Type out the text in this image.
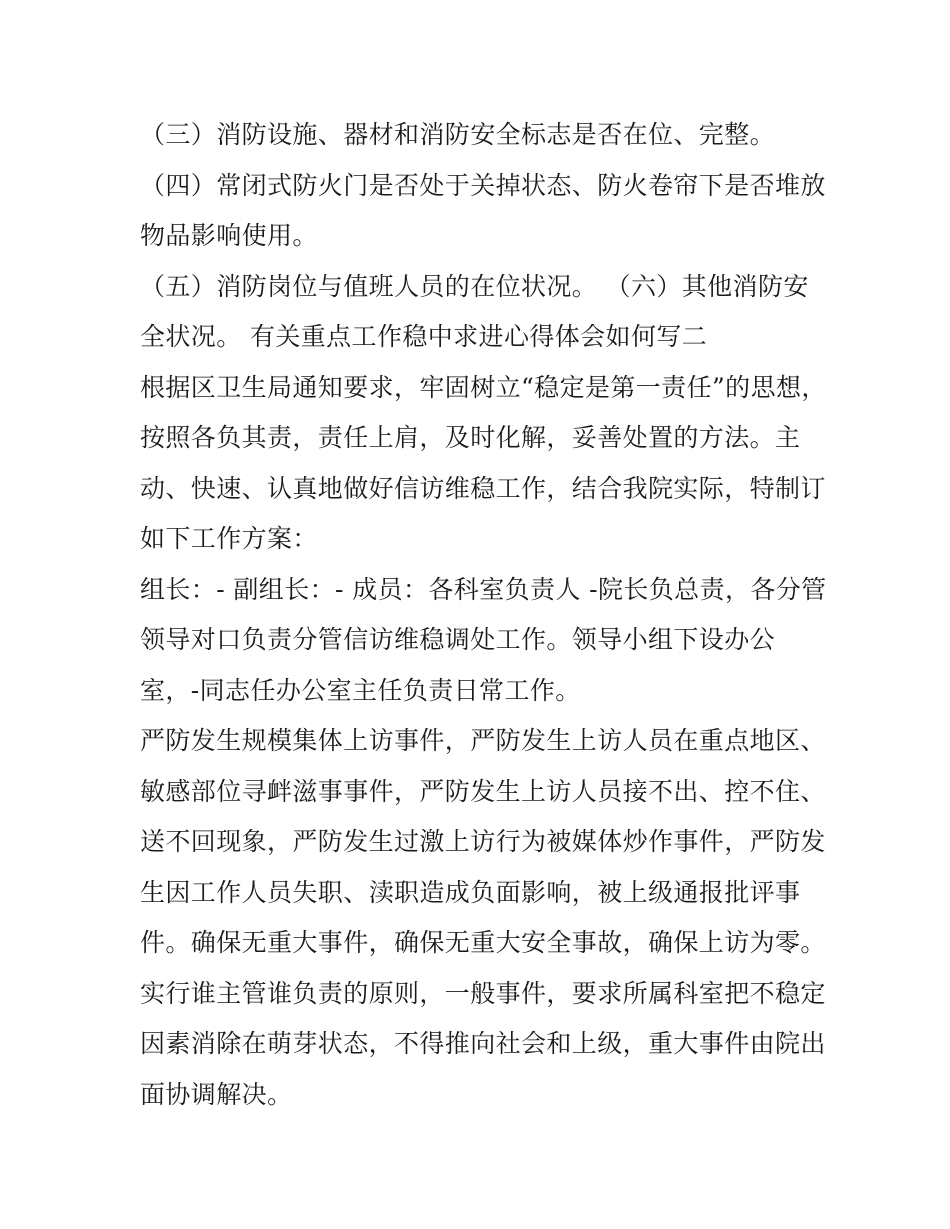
（三）消防设施、器材和消防安全标志是否在位、完整。
（四）常闭式防火门是否处于关掉状态、防火卷帘下是否堆放
物品影响使用。
（五）消防岗位与值班人员的在位状况。 （六）其他消防安
全状况。 有关重点工作稳中求进心得体会如何写二
根据区卫生局通知要求，牢固树立“稳定是第一责任”的思想，
按照各负其责，责任上肩，及时化解，妥善处置的方法。主
动、快速、认真地做好信访维稳工作，结合我院实际，特制订
如下工作方案：
组长：- 副组长：- 成员：各科室负责人 -院长负总责，各分管
领导对口负责分管信访维稳调处工作。领导小组下设办公
室，-同志任办公室主任负责日常工作。
严防发生规模集体上访事件，严防发生上访人员在重点地区、
敏感部位寻衅滋事事件，严防发生上访人员接不出、控不住、
送不回现象，严防发生过激上访行为被媒体炒作事件，严防发
生因工作人员失职、渎职造成负面影响，被上级通报批评事
件。确保无重大事件，确保无重大安全事故，确保上访为零。
实行谁主管谁负责的原则，一般事件，要求所属科室把不稳定
因素消除在萌芽状态，不得推向社会和上级，重大事件由院出
面协调解决。
